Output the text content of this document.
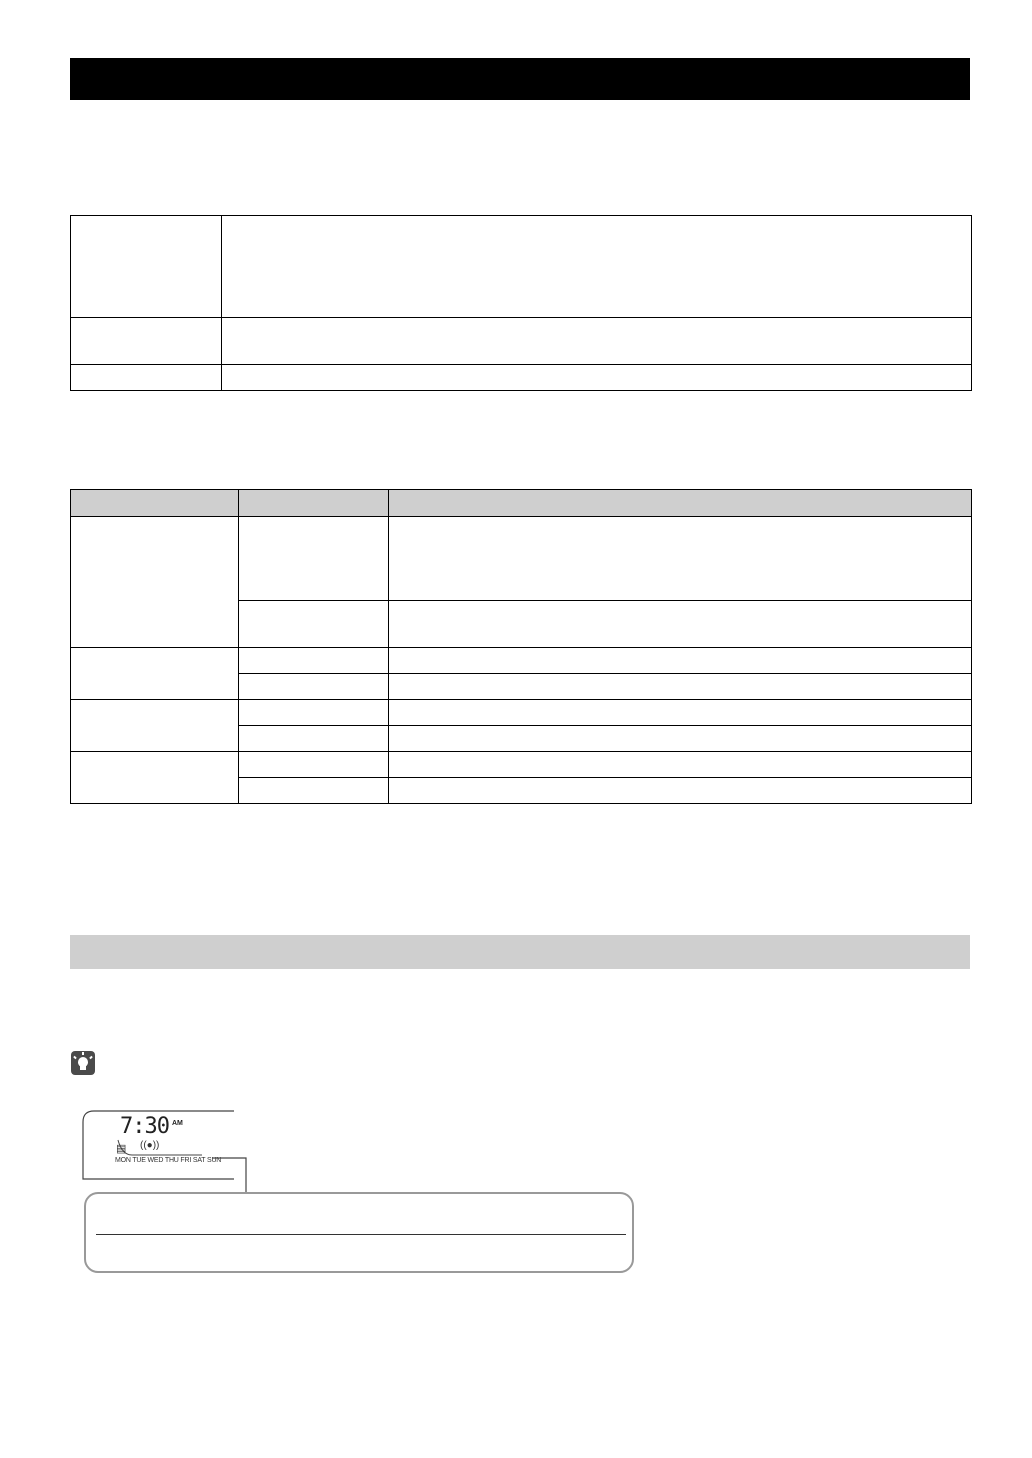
7:30 AM
▤ ((●))
MON TUE WED THU FRI SAT SUN
